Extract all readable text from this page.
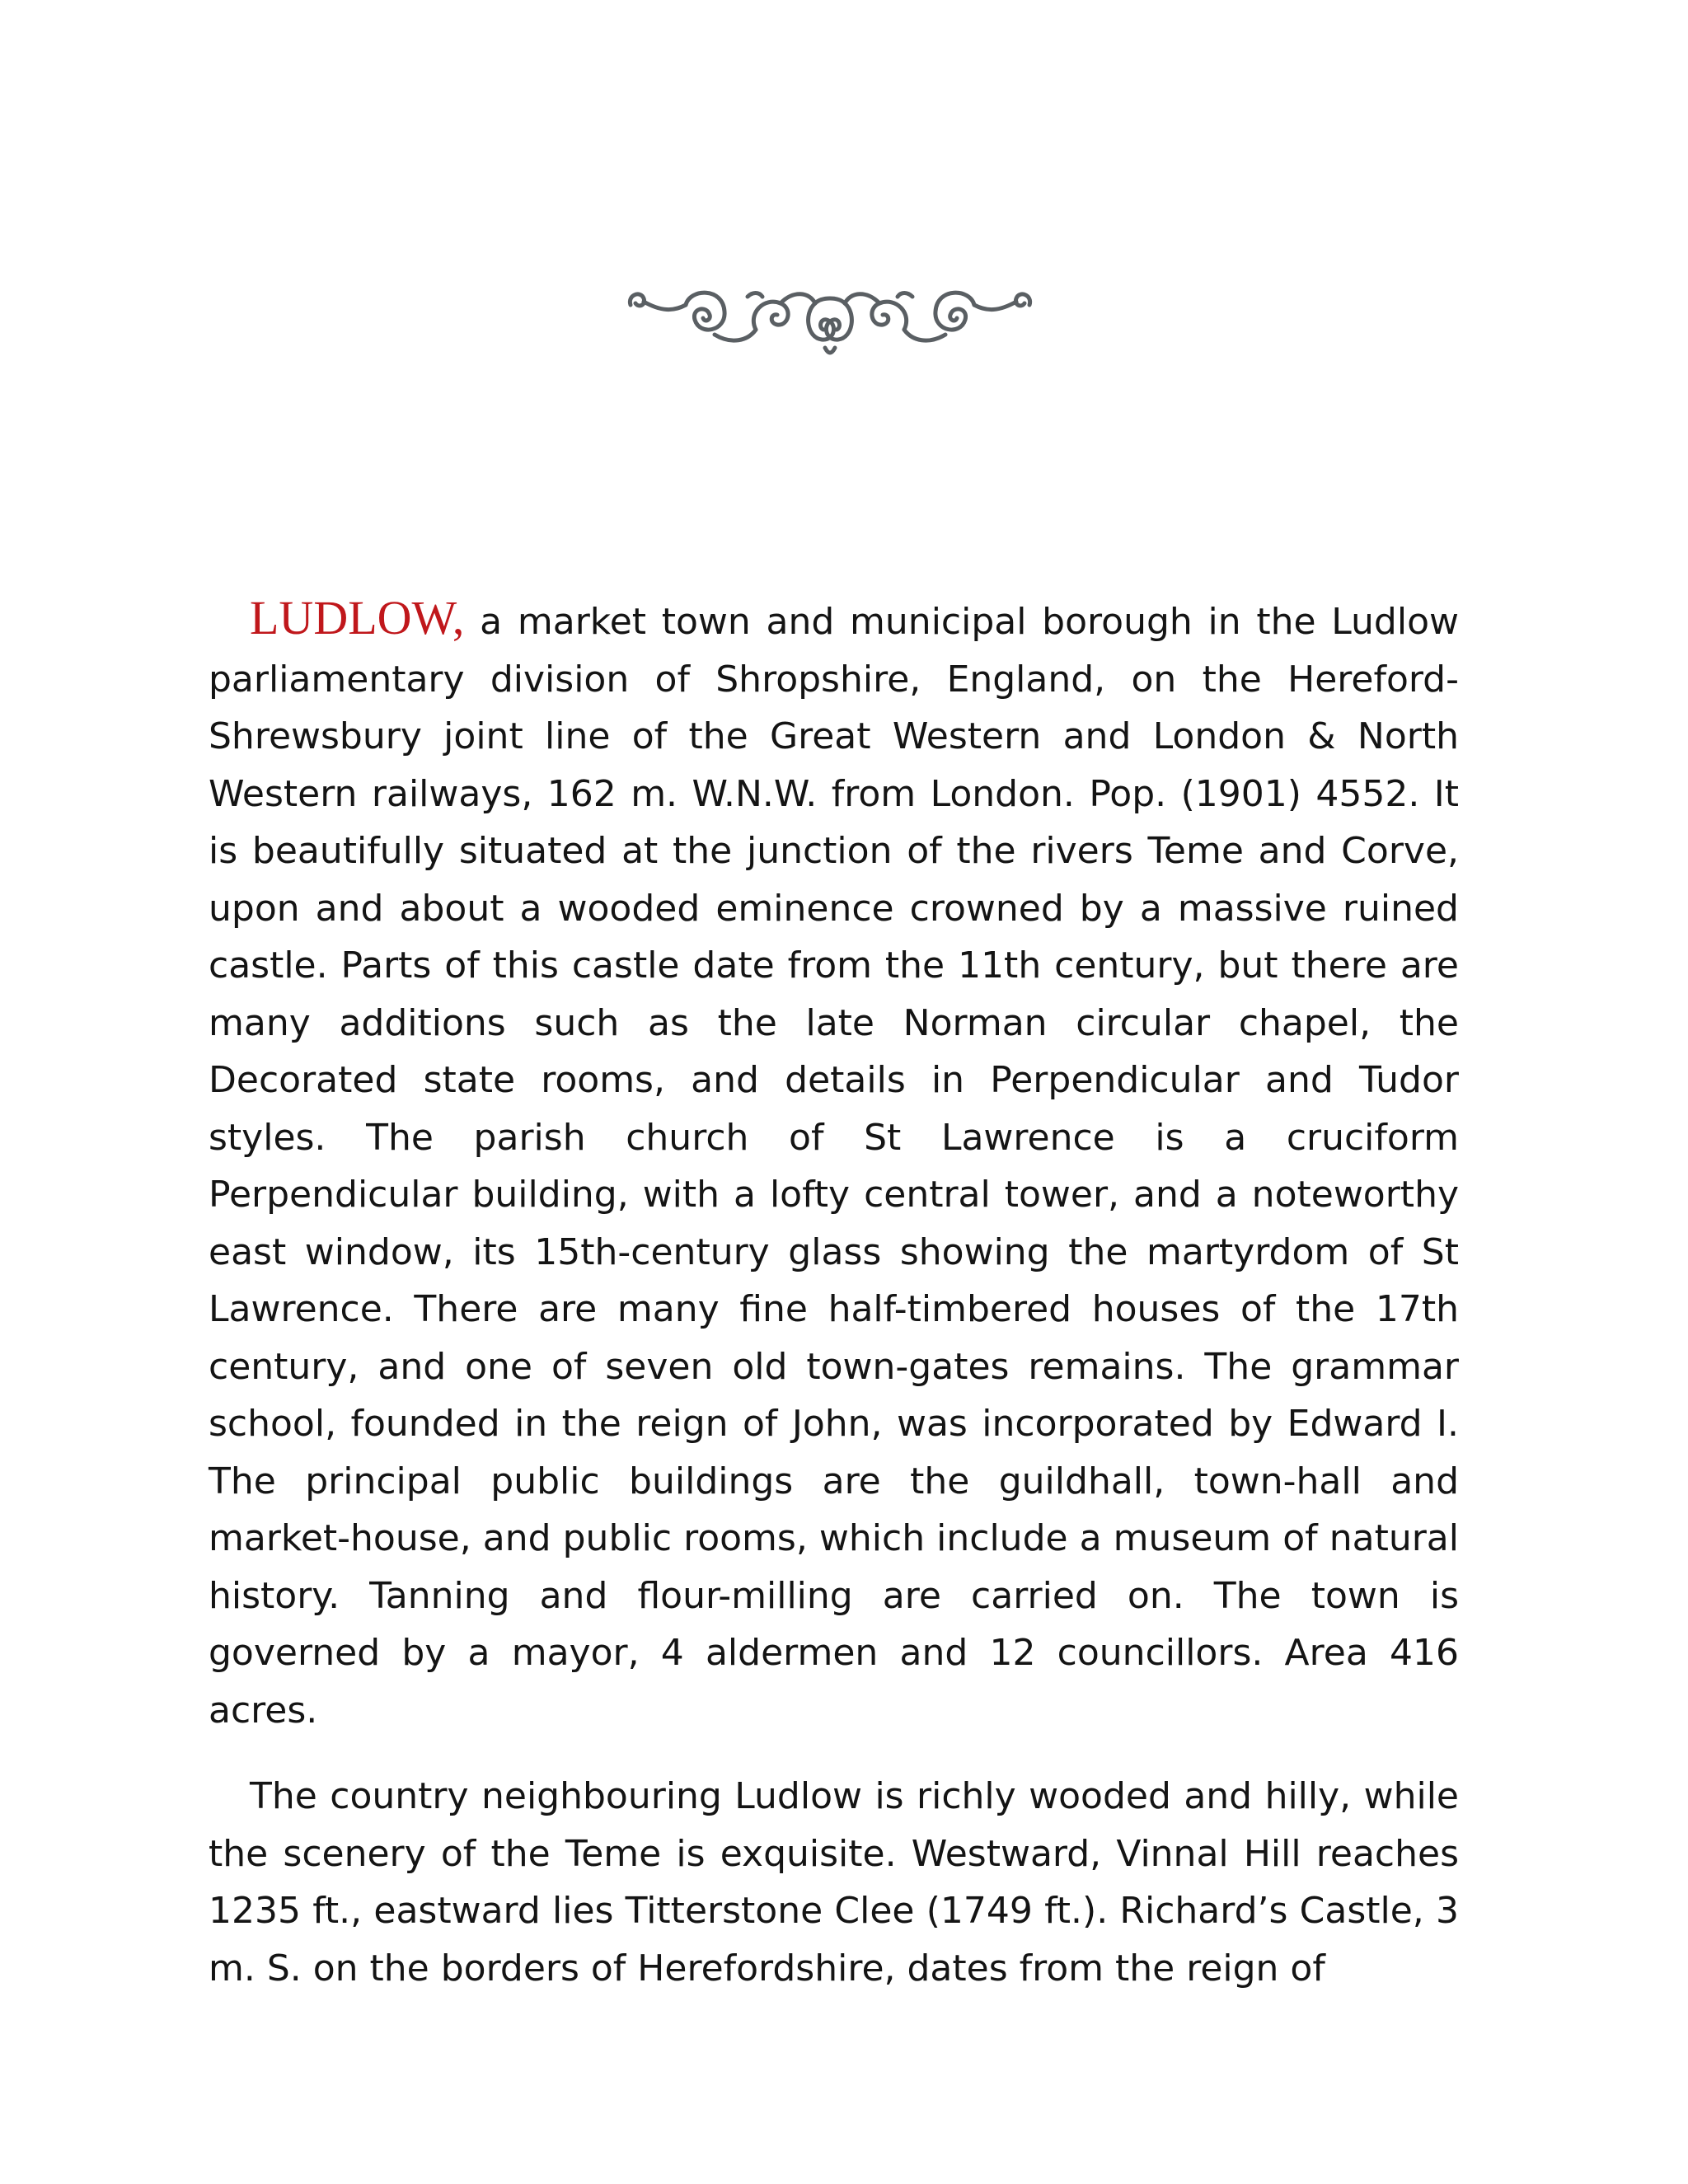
LUDLOW, a market town and municipal borough in the Ludlow parliamentary division of Shropshire, England, on the Hereford-Shrewsbury joint line of the Great Western and London & North Western railways, 162 m. W.N.W. from London. Pop. (1901) 4552. It is beautifully situated at the junction of the rivers Teme and Corve, upon and about a wooded eminence crowned by a massive ruined castle. Parts of this castle date from the 11th century, but there are many additions such as the late Norman circular chapel, the Decorated state rooms, and details in Perpendicular and Tudor styles. The parish church of St Lawrence is a cruciform Perpendicular building, with a lofty central tower, and a noteworthy east window, its 15th-century glass showing the martyrdom of St Lawrence. There are many fine half-timbered houses of the 17th century, and one of seven old town-gates remains. The grammar school, founded in the reign of John, was incorporated by Edward I. The principal public buildings are the guildhall, town-hall and market-house, and public rooms, which include a museum of natural history. Tanning and flour-milling are carried on. The town is governed by a mayor, 4 aldermen and 12 councillors. Area 416 acres.

The country neighbouring Ludlow is richly wooded and hilly, while the scenery of the Teme is exquisite. Westward, Vinnal Hill reaches 1235 ft., eastward lies Titterstone Clee (1749 ft.). Richard’s Castle, 3 m. S. on the borders of Herefordshire, dates from the reign of
